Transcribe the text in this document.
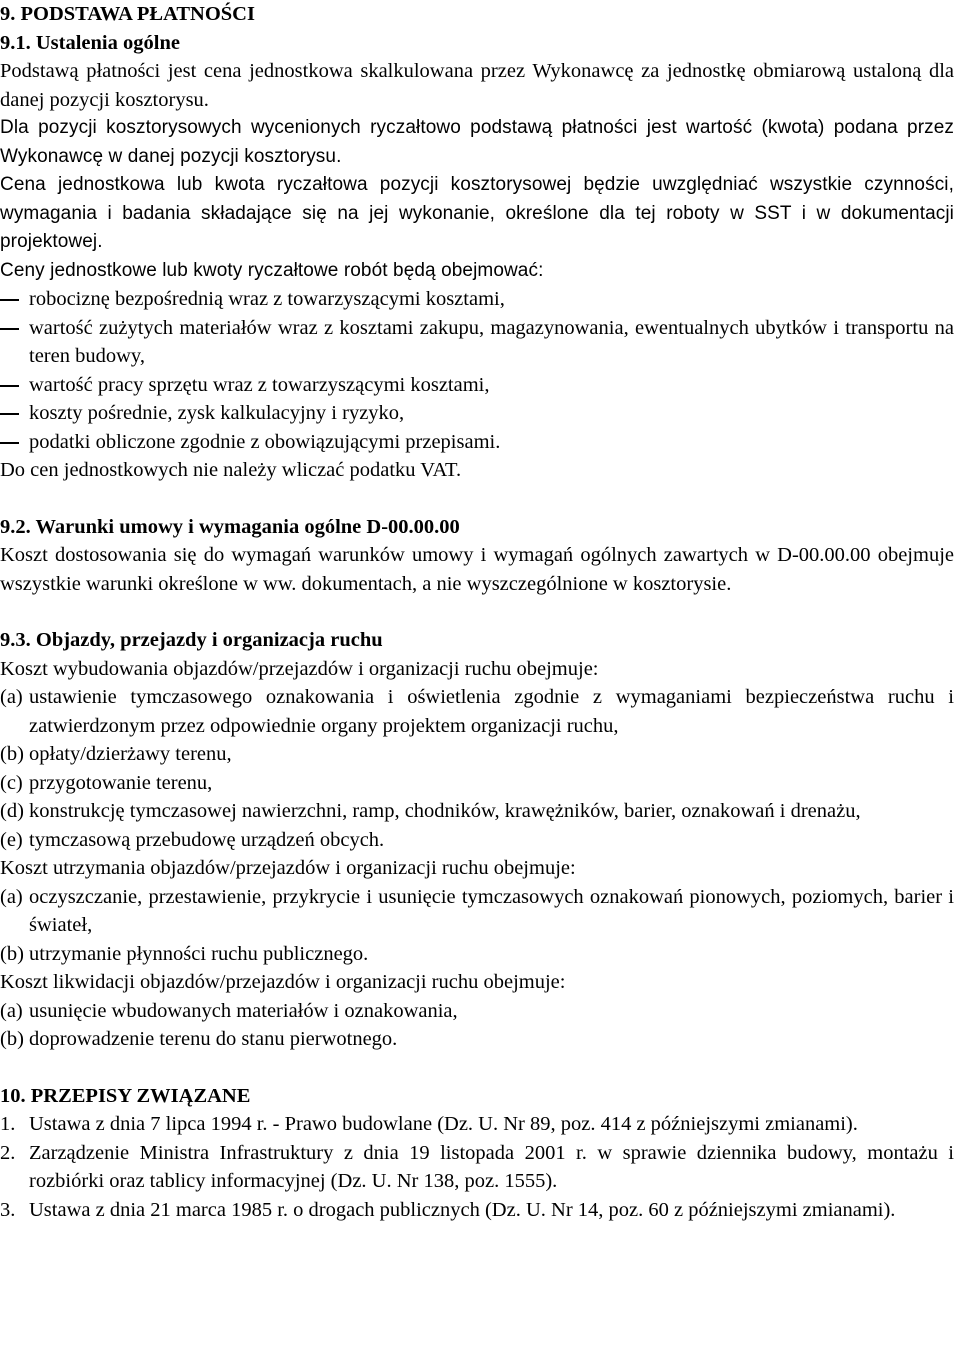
9. PODSTAWA PŁATNOŚCI

9.1. Ustalenia ogólne

Podstawą płatności jest cena jednostkowa skalkulowana przez Wykonawcę za jednostkę obmiarową ustaloną dla danej pozycji kosztorysu.

Dla pozycji kosztorysowych wycenionych ryczałtowo podstawą płatności jest wartość (kwota) podana przez Wykonawcę w danej pozycji kosztorysu.

Cena jednostkowa lub kwota ryczałtowa pozycji kosztorysowej będzie uwzględniać wszystkie czynności, wymagania i badania składające się na jej wykonanie, określone dla tej roboty w SST i w dokumentacji projektowej.

Ceny jednostkowe lub kwoty ryczałtowe robót będą obejmować:

robociznę bezpośrednią wraz z towarzyszącymi kosztami,
wartość zużytych materiałów wraz z kosztami zakupu, magazynowania, ewentualnych ubytków i transportu na teren budowy,
wartość pracy sprzętu wraz z towarzyszącymi kosztami,
koszty pośrednie, zysk kalkulacyjny i ryzyko,
podatki obliczone zgodnie z obowiązującymi przepisami.

Do cen jednostkowych nie należy wliczać podatku VAT.

9.2. Warunki umowy i wymagania ogólne D-00.00.00

Koszt dostosowania się do wymagań warunków umowy i wymagań ogólnych zawartych w D-00.00.00 obejmuje wszystkie warunki określone w ww. dokumentach, a nie wyszczególnione w kosztorysie.

9.3. Objazdy, przejazdy i organizacja ruchu

Koszt wybudowania objazdów/przejazdów i organizacji ruchu obejmuje:

(a) ustawienie tymczasowego oznakowania i oświetlenia zgodnie z wymaganiami bezpieczeństwa ruchu i zatwierdzonym przez odpowiednie organy projektem organizacji ruchu,
(b) opłaty/dzierżawy terenu,
(c) przygotowanie terenu,
(d) konstrukcję tymczasowej nawierzchni, ramp, chodników, krawężników, barier, oznakowań i drenażu,
(e) tymczasową przebudowę urządzeń obcych.

Koszt utrzymania objazdów/przejazdów i organizacji ruchu obejmuje:

(a) oczyszczanie, przestawienie, przykrycie i usunięcie tymczasowych oznakowań pionowych, poziomych, barier i świateł,
(b) utrzymanie płynności ruchu publicznego.

Koszt likwidacji objazdów/przejazdów i organizacji ruchu obejmuje:

(a) usunięcie wbudowanych materiałów i oznakowania,
(b) doprowadzenie terenu do stanu pierwotnego.

10. PRZEPISY ZWIĄZANE

1. Ustawa z dnia 7 lipca 1994 r. - Prawo budowlane (Dz. U. Nr 89, poz. 414 z późniejszymi zmianami).
2. Zarządzenie Ministra Infrastruktury z dnia 19 listopada 2001 r. w sprawie dziennika budowy, montażu i rozbiórki oraz tablicy informacyjnej (Dz. U. Nr 138, poz. 1555).
3. Ustawa z dnia 21 marca 1985 r. o drogach publicznych (Dz. U. Nr 14, poz. 60 z późniejszymi zmianami).
